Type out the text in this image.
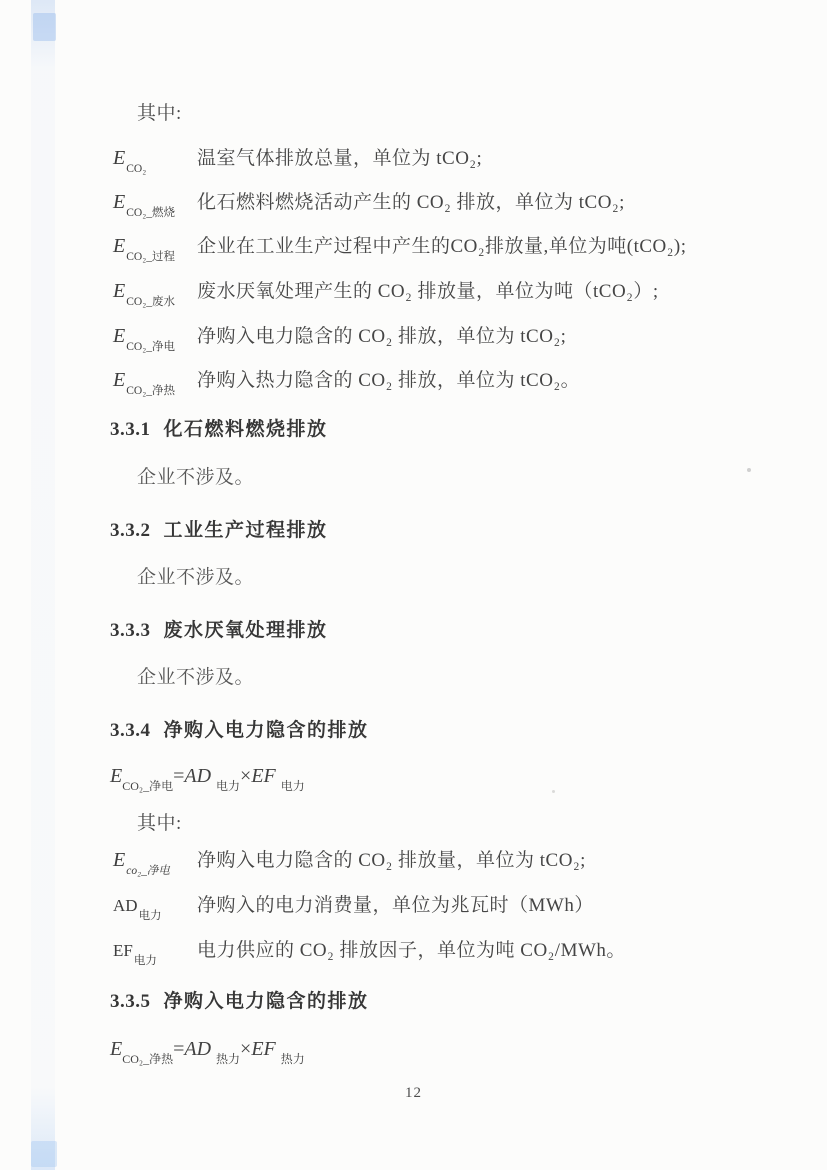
其中:
$E_{CO_2}$	温室气体排放总量，单位为 tCO₂;
$E_{CO_2\_燃烧}$ 化石燃料燃烧活动产生的 CO₂ 排放，单位为 tCO₂;
$E_{CO_2\_过程}$ 企业在工业生产过程中产生的CO₂排放量,单位为吨(tCO₂);
$E_{CO_2\_废水}$ 废水厌氧处理产生的 CO₂ 排放量，单位为吨（tCO₂）;
$E_{CO_2\_净电}$ 净购入电力隐含的 CO₂ 排放，单位为 tCO₂;
$E_{CO_2\_净热}$ 净购入热力隐含的 CO₂ 排放，单位为 tCO₂。
3.3.1 化石燃料燃烧排放
企业不涉及。
3.3.2 工业生产过程排放
企业不涉及。
3.3.3 废水厌氧处理排放
企业不涉及。
3.3.4 净购入电力隐含的排放
$E_{CO_2\_净电}=AD$ $_{电力}$×EF $_{电力}$
其中:
$E_{co_2\_净电}$ 净购入电力隐含的 CO₂ 排放量，单位为 tCO₂;
$AD_{电力}$ 净购入的电力消费量，单位为兆瓦时（MWh）
$EF_{电力}$ 电力供应的 CO₂ 排放因子，单位为吨 CO₂/MWh。
3.3.5 净购入电力隐含的排放
$E_{CO_2\_净热}=AD$ $_{热力}$×EF $_{热力}$
12
